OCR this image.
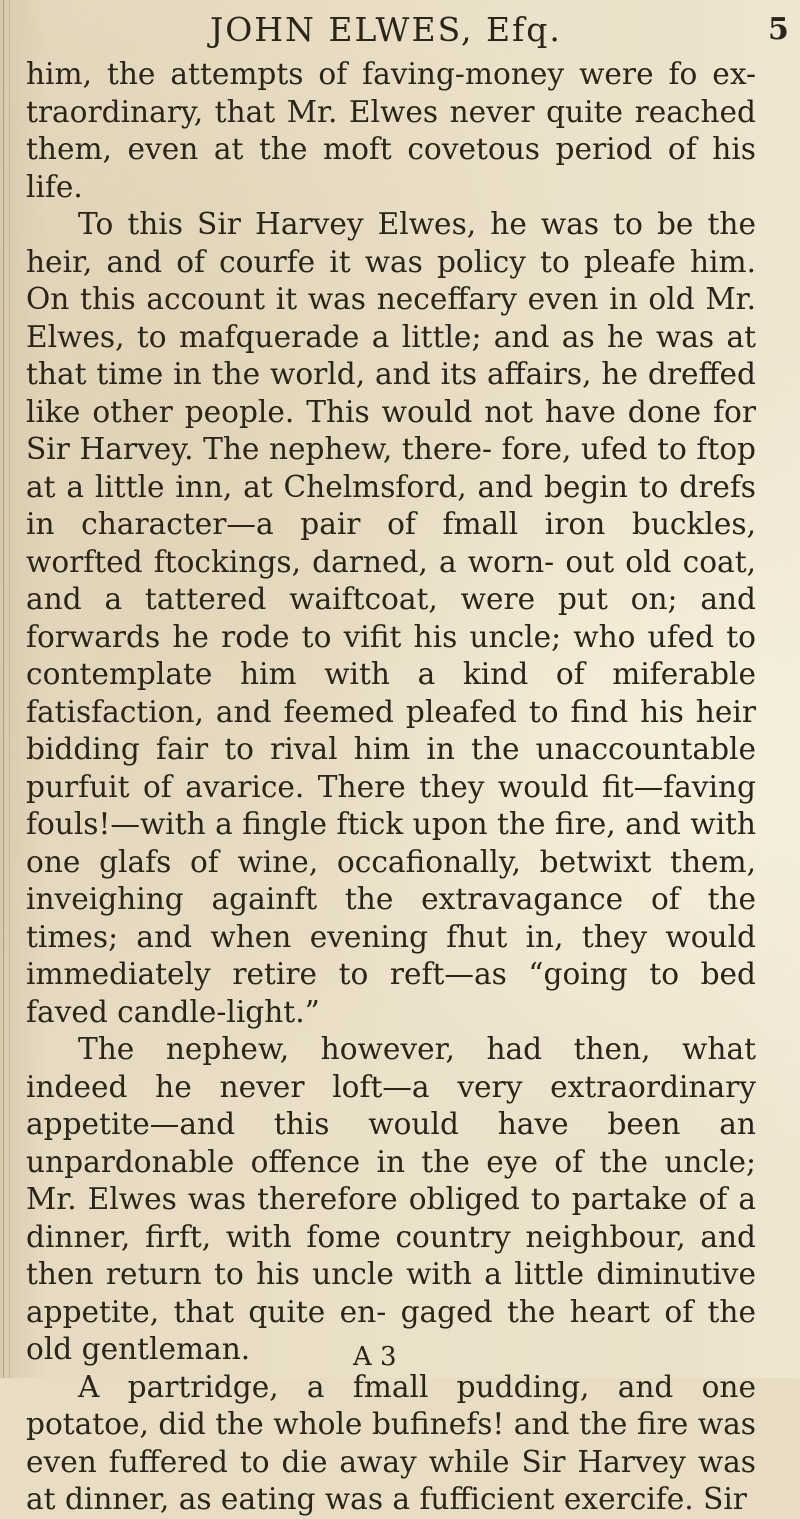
JOHN ELWES, Efq.	5

him, the attempts of faving-money were fo ex- traordinary, that Mr. Elwes never quite reached them, even at the moft covetous period of his life.

To this Sir Harvey Elwes, he was to be the heir, and of courfe it was policy to pleafe him. On this account it was neceffary even in old Mr. Elwes, to mafquerade a little; and as he was at that time in the world, and its affairs, he dreffed like other people. This would not have done for Sir Harvey. The nephew, there- fore, ufed to ftop at a little inn, at Chelmsford, and begin to drefs in character—a pair of fmall iron buckles, worfted ftockings, darned, a worn- out old coat, and a tattered waiftcoat, were put on; and forwards he rode to vifit his uncle; who ufed to contemplate him with a kind of miferable fatisfaction, and feemed pleafed to find his heir bidding fair to rival him in the unaccountable purfuit of avarice. There they would fit—faving fouls!—with a fingle ftick upon the fire, and with one glafs of wine, occafionally, betwixt them, inveighing againft the extravagance of the times; and when evening fhut in, they would immediately retire to reft—as “going to bed faved candle-light.”

The nephew, however, had then, what indeed he never loft—a very extraordinary appetite—and this would have been an unpardonable offence in the eye of the uncle; Mr. Elwes was therefore obliged to partake of a dinner, firft, with fome country neighbour, and then return to his uncle with a little diminutive appetite, that quite en- gaged the heart of the old gentleman.

A partridge, a fmall pudding, and one potatoe, did the whole bufinefs! and the fire was even fuffered to die away while Sir Harvey was at dinner, as eating was a fufficient exercife. Sir

A 3
